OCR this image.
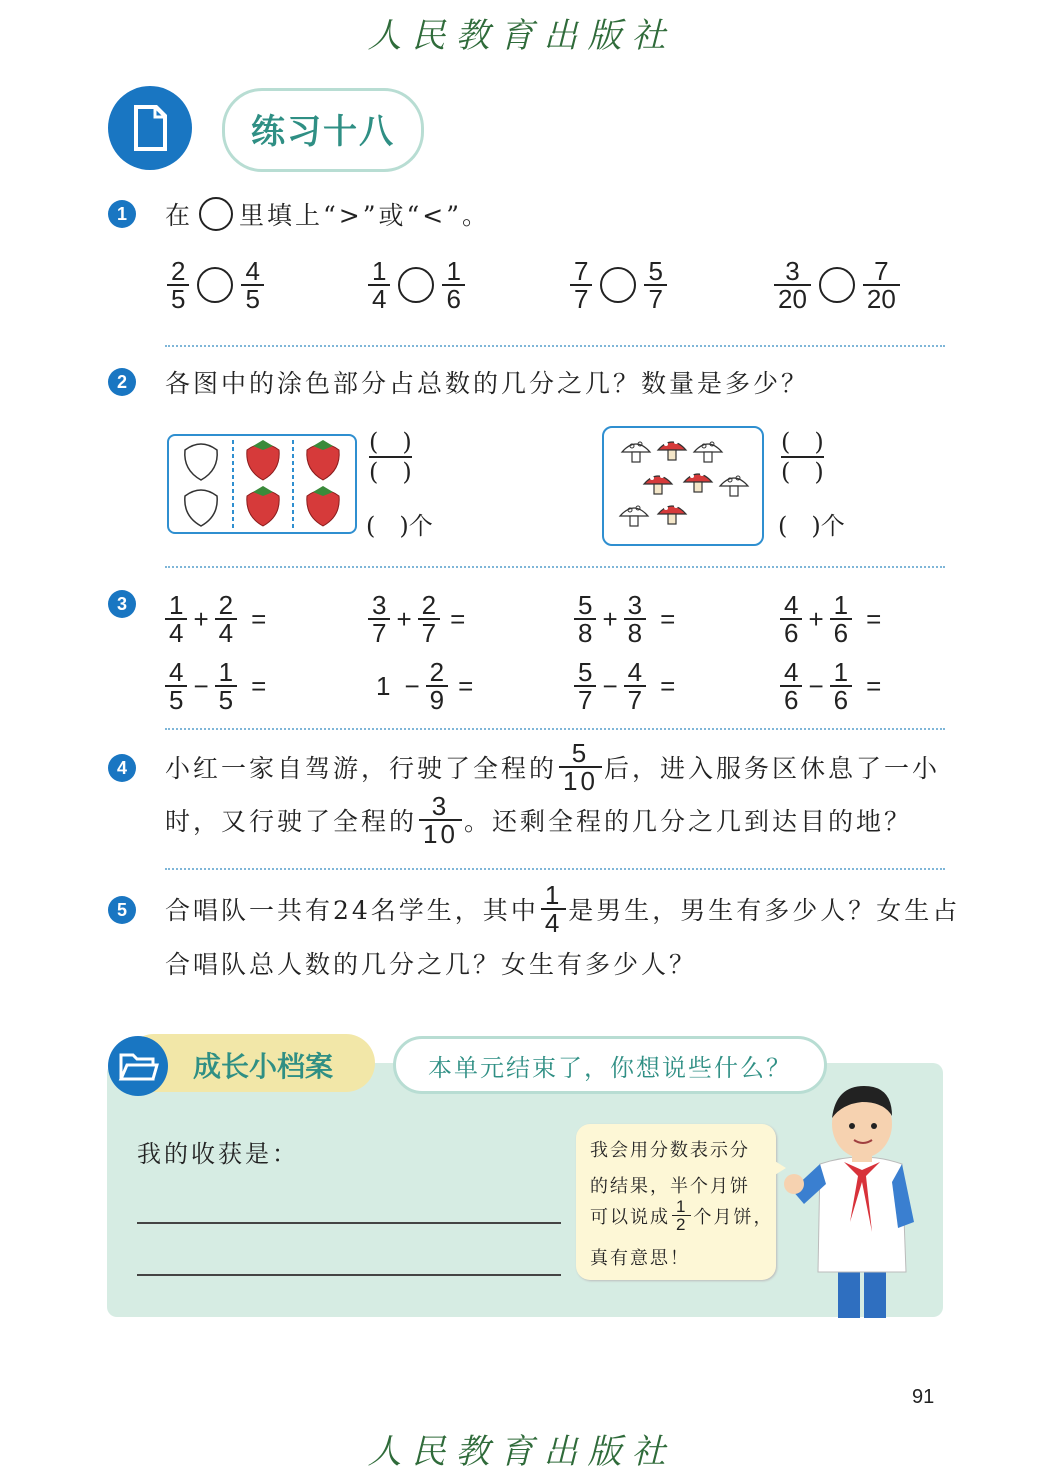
人民教育出版社
练习十八
1	在 里填上“>”或“<”。
$\frac{2}{5} \frac{4}{5}$	$\frac{1}{4} \frac{1}{6}$	$\frac{7}{7} \frac{5}{7}$	$\frac{3}{20} \frac{7}{20}$
2	各图中的涂色部分占总数的几分之几？数量是多少？
(　)
(　)
(　)个
(　)
(　)
(　)个
3	$\frac{1}{4} + \frac{2}{4}$ =	$\frac{3}{7} + \frac{2}{7}$ =	$\frac{5}{8} + \frac{3}{8}$ =	$\frac{4}{6} + \frac{1}{6}$ =
$\frac{4}{5} - \frac{1}{5}$ =	$1 - \frac{2}{9}$ =	$\frac{5}{7} - \frac{4}{7}$ =	$\frac{4}{6} - \frac{1}{6}$ =
4	小红一家自驾游，行驶了全程的 $\frac{5}{10}$ 后，进入服务区休息了一小
时，又行驶了全程的 $\frac{3}{10}$ 。还剩全程的几分之几到达目的地？
5	合唱队一共有24名学生，其中 $\frac{1}{4}$ 是男生，男生有多少人？女生占
合唱队总人数的几分之几？女生有多少人？
成长小档案	本单元结束了，你想说些什么？
我的收获是：	我会用分数表示分
的结果，半个月饼
可以说成 $\frac{1}{2}$ 个月饼，
真有意思！
91
人民教育出版社
